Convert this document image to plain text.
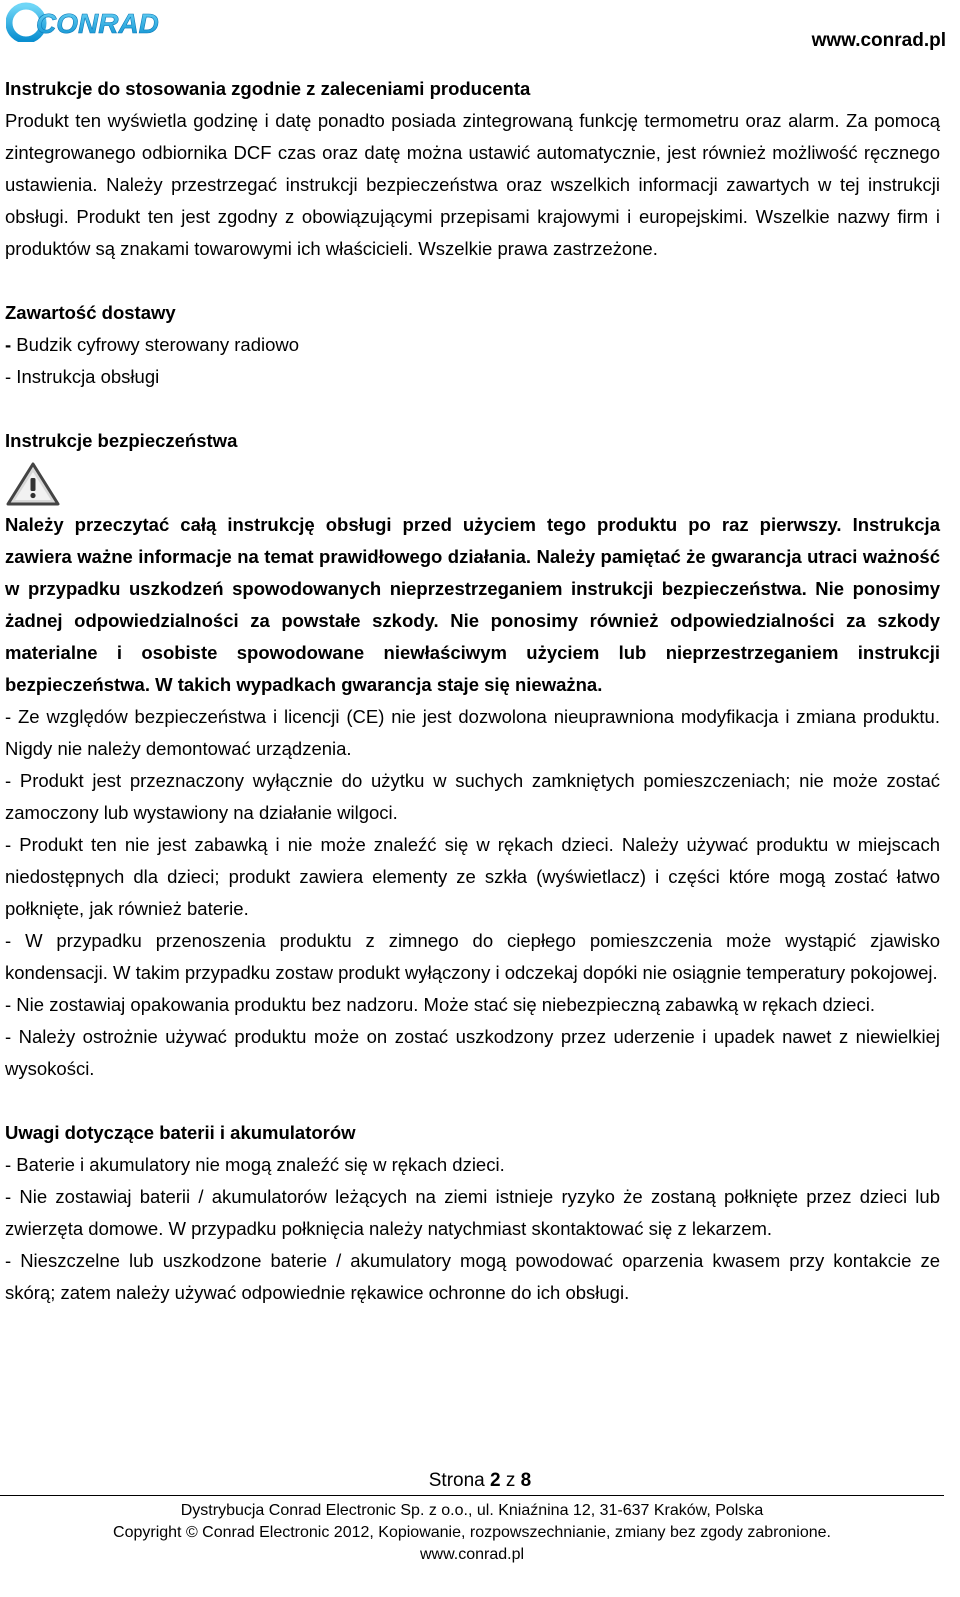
CONRAD
www.conrad.pl

Instrukcje do stosowania zgodnie z zaleceniami producenta

Produkt ten wyświetla godzinę i datę ponadto posiada zintegrowaną funkcję termometru oraz alarm. Za pomocą zintegrowanego odbiornika DCF czas oraz datę można ustawić automatycznie, jest również możliwość ręcznego ustawienia. Należy przestrzegać instrukcji bezpieczeństwa oraz wszelkich informacji zawartych w tej instrukcji obsługi. Produkt ten jest zgodny z obowiązującymi przepisami krajowymi i europejskimi. Wszelkie nazwy firm i produktów są znakami towarowymi ich właścicieli. Wszelkie prawa zastrzeżone.

Zawartość dostawy

- Budzik cyfrowy sterowany radiowo

- Instrukcja obsługi

Instrukcje bezpieczeństwa

Należy przeczytać całą instrukcję obsługi przed użyciem tego produktu po raz pierwszy. Instrukcja zawiera ważne informacje na temat prawidłowego działania. Należy pamiętać że gwarancja utraci ważność w przypadku uszkodzeń spowodowanych nieprzestrzeganiem instrukcji bezpieczeństwa. Nie ponosimy żadnej odpowiedzialności za powstałe szkody. Nie ponosimy również odpowiedzialności za szkody materialne i osobiste spowodowane niewłaściwym użyciem lub nieprzestrzeganiem instrukcji bezpieczeństwa. W takich wypadkach gwarancja staje się nieważna.

- Ze względów bezpieczeństwa i licencji (CE) nie jest dozwolona nieuprawniona modyfikacja i zmiana produktu. Nigdy nie należy demontować urządzenia.

- Produkt jest przeznaczony wyłącznie do użytku w suchych zamkniętych pomieszczeniach; nie może zostać zamoczony lub wystawiony na działanie wilgoci.

- Produkt ten nie jest zabawką i nie może znaleźć się w rękach dzieci. Należy używać produktu w miejscach niedostępnych dla dzieci; produkt zawiera elementy ze szkła (wyświetlacz) i części które mogą zostać łatwo połknięte, jak również baterie.

- W przypadku przenoszenia produktu z zimnego do ciepłego pomieszczenia może wystąpić zjawisko kondensacji. W takim przypadku zostaw produkt wyłączony i odczekaj dopóki nie osiągnie temperatury pokojowej.

- Nie zostawiaj opakowania produktu bez nadzoru. Może stać się niebezpieczną zabawką w rękach dzieci.

- Należy ostrożnie używać produktu może on zostać uszkodzony przez uderzenie i upadek nawet z niewielkiej wysokości.

Uwagi dotyczące baterii i akumulatorów

- Baterie i akumulatory nie mogą znaleźć się w rękach dzieci.

- Nie zostawiaj baterii / akumulatorów leżących na ziemi istnieje ryzyko że zostaną połknięte przez dzieci lub zwierzęta domowe. W przypadku połknięcia należy natychmiast skontaktować się z lekarzem.

- Nieszczelne lub uszkodzone baterie / akumulatory mogą powodować oparzenia kwasem przy kontakcie ze skórą; zatem należy używać odpowiednie rękawice ochronne do ich obsługi.

Strona 2 z 8
Dystrybucja Conrad Electronic Sp. z o.o., ul. Kniaźnina 12, 31-637 Kraków, Polska
Copyright © Conrad Electronic 2012, Kopiowanie, rozpowszechnianie, zmiany bez zgody zabronione.
www.conrad.pl
